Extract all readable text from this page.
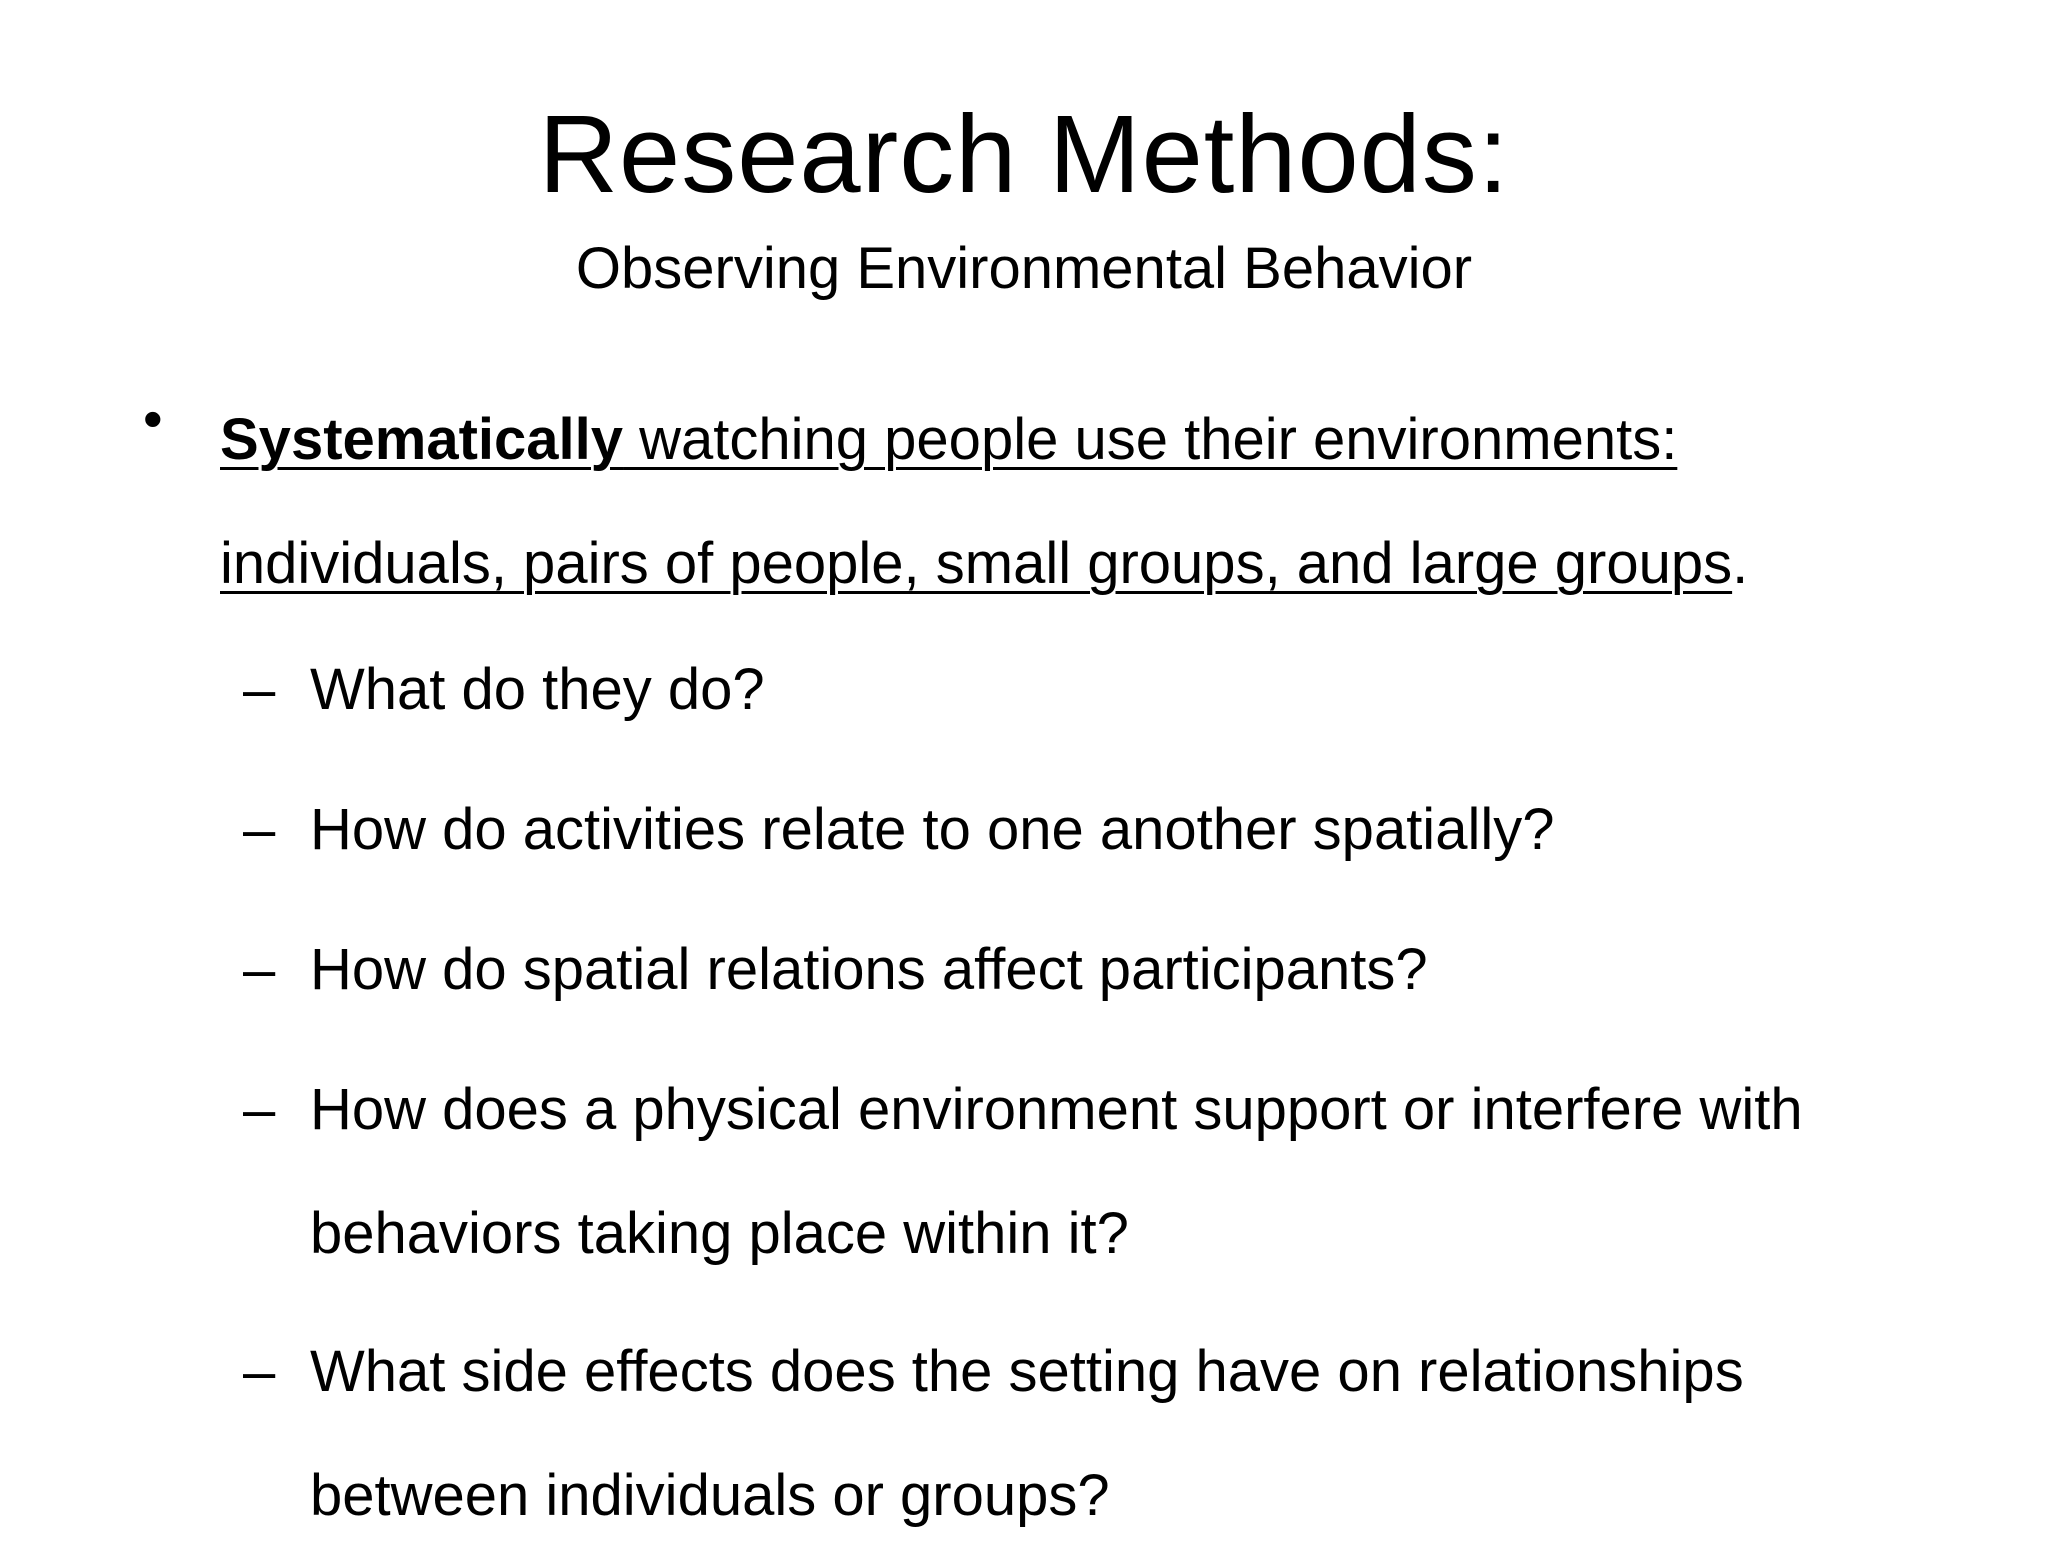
Research Methods:
Observing Environmental Behavior
• Systematically watching people use their environments: individuals, pairs of people, small groups, and large groups.
– What do they do?
– How do activities relate to one another spatially?
– How do spatial relations affect participants?
– How does a physical environment support or interfere with behaviors taking place within it?
– What side effects does the setting have on relationships between individuals or groups?
